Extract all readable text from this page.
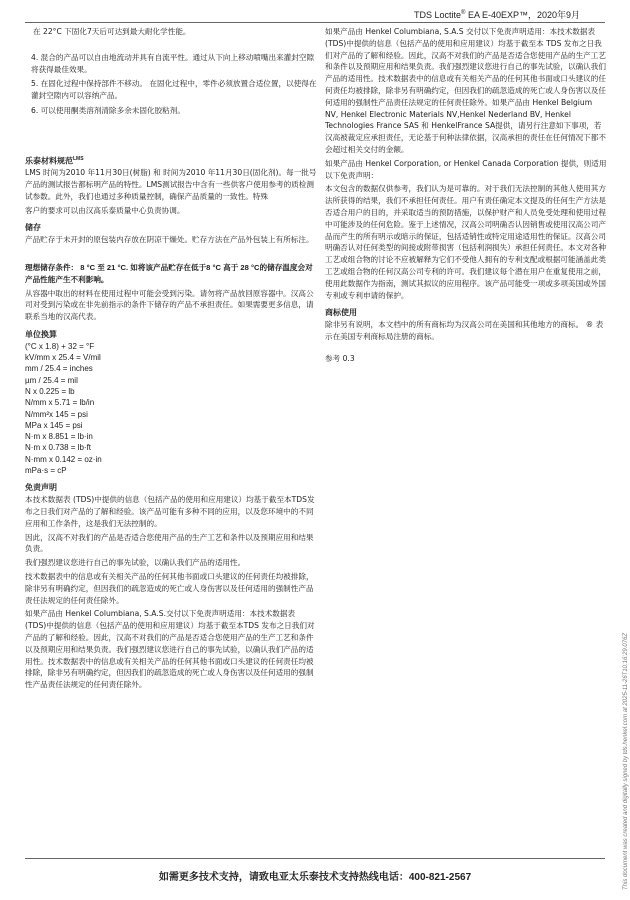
TDS Loctite® EA E-40EXP™，2020年9月
在 22°C 下固化7天后可达到最大耐化学性能。
4. 混合的产品可以自由地流动并具有自流平性。通过从下向上移动喷嘴出来灌封空隙将获得最佳效果。
5. 在固化过程中保持部件不移动。 在固化过程中，零件必须放置合适位置，以使得在灌封空隙内可以容纳产品。
6. 可以使用酮类溶剂清除多余未固化胶粘剂。
乐泰材料规范$^{LMS}$
LMS 时间为2010 年11月30日(树脂) 和 时间为2010 年11月30日(固化剂)。每一批号产品的测试报告都标明产品的特性。LMS测试报告中含有一些供客户使用参考的质检测试参数。此外，我们也通过多种质量控制，确保产品质量的一致性。特殊
客户的要求可以由汉高乐泰质量中心负责协调。
储存
产品贮存于未开封的原包装内存放在阴凉干燥处。贮存方法在产品外包装上有所标注。
理想储存条件： 8 °C 至 21 °C. 如将该产品贮存在低于8 °C 高于 28 °C的储存温度会对产品性能产生不利影响。
从容器中取出的材料在使用过程中可能会受到污染。请勿将产品放回原容器中。汉高公司对受到污染或在非先前指示的条件下储存的产品不承担责任。如果需要更多信息，请联系当地的汉高代表。
单位换算
(°C x 1.8) + 32 = °F
kV/mm x 25.4 = V/mil
mm / 25.4 = inches
µm / 25.4 = mil
N x 0.225 = lb
N/mm x 5.71 = lb/in
N/mm²x 145 = psi
MPa x 145 = psi
N·m x 8.851 = lb·in
N·m x 0.738 = lb·ft
N·mm x 0.142 = oz·in
mPa·s = cP
免责声明
本技术数据表 (TDS)中提供的信息（包括产品的使用和应用建议）均基于截至本TDS发布之日我们对产品的了解和经验。该产品可能有多种不同的应用，以及您环境中的不同应用和工作条件，这是我们无法控制的。
因此，汉高不对我们的产品是否适合您使用产品的生产工艺和条件以及预期应用和结果负责。
我们强烈建议您进行自己的事先试验，以确认我们产品的适用性。
技术数据表中的信息或有关相关产品的任何其他书面或口头建议的任何责任均被排除，除非另有明确约定，但因我们的疏忽造成的死亡或人身伤害以及任何适用的强制性产品责任法规定的任何责任除外。
如果产品由 Henkel Columbiana, S.A.S.交付以下免责声明适用：本技术数据表 (TDS)中提供的信息（包括产品的使用和应用建议）均基于截至本TDS 发布之日我们对产品的了解和经验。因此，汉高不对我们的产品是否适合您使用产品的生产工艺和条件以及预期应用和结果负责。我们强烈建议您进行自己的事先试验，以确认我们产品的适用性。技术数据表中的信息或有关相关产品的任何其他书面或口头建议的任何责任均被排除，除非另有明确约定，但因我们的疏忽造成的死亡或人身伤害以及任何适用的强制性产品责任法规定的任何责任除外。
如果产品由 Henkel Columbiana, S.A.S 交付以下免责声明适用：本技术数据表 (TDS)中提供的信息（包括产品的使用和应用建议）均基于截至本 TDS 发布之日我们对产品的了解和经验。因此，汉高不对我们的产品是否适合您使用产品的生产工艺和条件以及预期应用和结果负责。我们强烈建议您进行自己的事先试验，以确认我们产品的适用性。技术数据表中的信息或有关相关产品的任何其他书面或口头建议的任何责任均被排除，除非另有明确约定，但因我们的疏忽造成的死亡或人身伤害以及任何适用的强制性产品责任法规定的任何责任除外。如果产品由 Henkel Belgium NV, Henkel Electronic Materials NV,Henkel Nederland BV, Henkel Technologies France SAS 和 HenkelFrance SA提供，请另行注意如下事项，若汉高被裁定应承担责任，无论基于何种法律依据，汉高承担的责任在任何情况下都不会超过相关交付的金额。
如果产品由 Henkel Corporation, or Henkel Canada Corporation 提供，则适用以下免责声明：
本文包含的数据仅供参考，我们认为是可靠的。对于我们无法控制的其他人使用其方法所获得的结果，我们不承担任何责任。用户有责任确定本文提及的任何生产方法是否适合用户的目的，并采取适当的预防措施，以保护财产和人员免受处理和使用过程中可能涉及的任何危险。鉴于上述情况，汉高公司明确否认因销售或使用汉高公司产品而产生的所有明示或暗示的保证，包括适销性或特定用途适用性的保证。汉高公司明确否认对任何类型的间接或附带损害（包括利润损失）承担任何责任。本文对各种工艺或组合物的讨论不应被解释为它们不受他人拥有的专利支配或根据可能涵盖此类工艺或组合物的任何汉高公司专利的许可。我们建议每个潜在用户在重复使用之前，使用此数据作为指南，测试其拟议的应用程序。该产品可能受一项或多项美国或外国专利或专利申请的保护。
商标使用
除非另有说明，本文档中的所有商标均为汉高公司在美国和其他地方的商标。 ® 表示在美国专利商标局注册的商标。
参考 0.3
This document was created and digitally signed by tds.henkel.com at 2025-11-26T10:16:29.076Z
如需更多技术支持，请致电亚太乐泰技术支持热线电话：400-821-2567
